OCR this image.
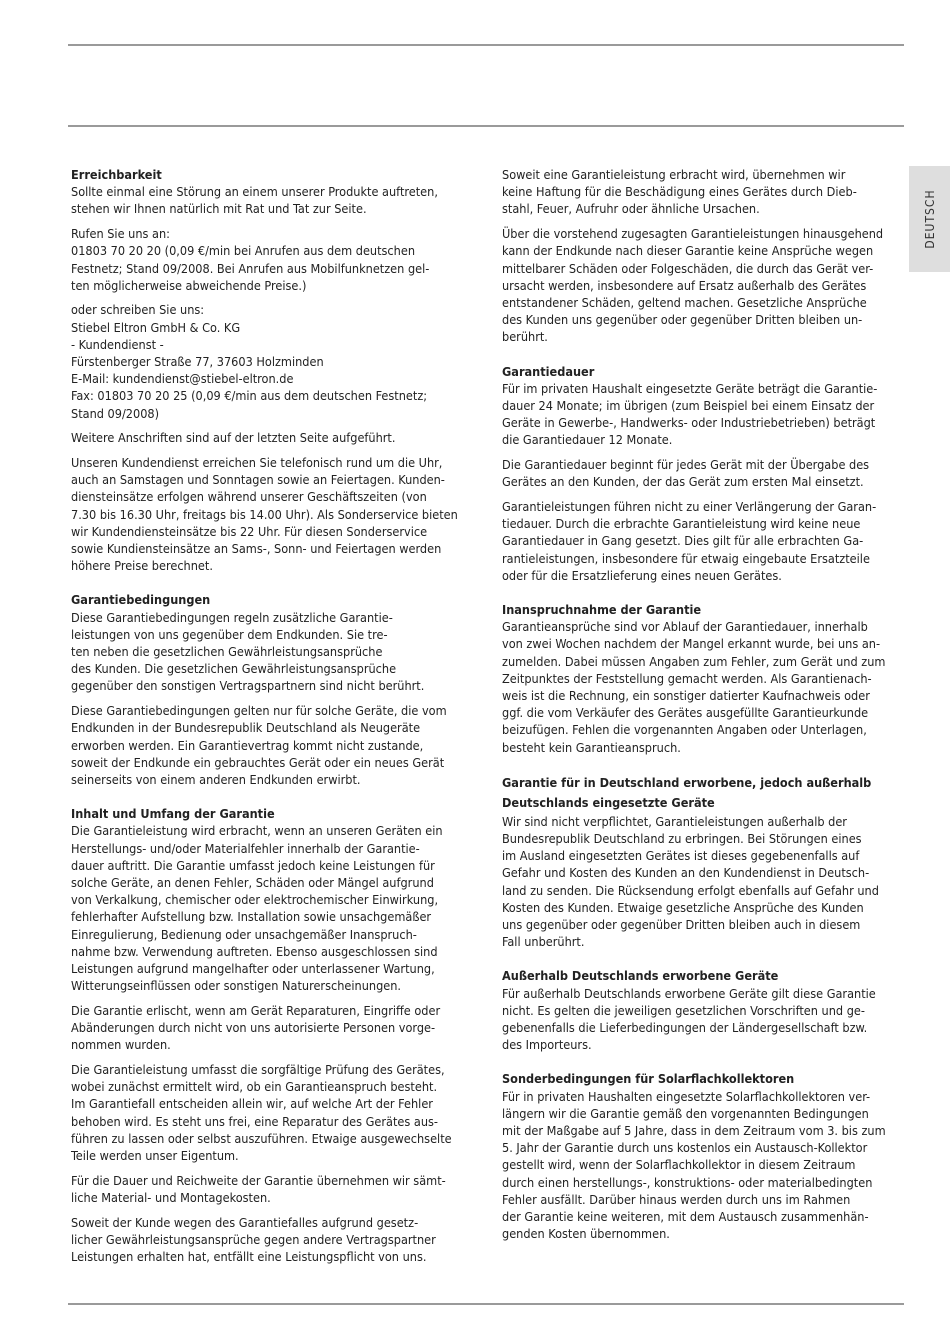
DEUTSCH
Erreichbarkeit

Sollte einmal eine Störung an einem unserer Produkte auftreten,
stehen wir Ihnen natürlich mit Rat und Tat zur Seite.

Rufen Sie uns an:
01803 70 20 20 (0,09 €/min bei Anrufen aus dem deutschen
Festnetz; Stand 09/2008. Bei Anrufen aus Mobilfunknetzen gel-
ten möglicherweise abweichende Preise.)

oder schreiben Sie uns:
Stiebel Eltron GmbH & Co. KG
- Kundendienst -
Fürstenberger Straße 77, 37603 Holzminden
E-Mail: kundendienst@stiebel-eltron.de
Fax: 01803 70 20 25 (0,09 €/min aus dem deutschen Festnetz;
Stand 09/2008)

Weitere Anschriften sind auf der letzten Seite aufgeführt.

Unseren Kundendienst erreichen Sie telefonisch rund um die Uhr,
auch an Samstagen und Sonntagen sowie an Feiertagen. Kunden-
diensteinsätze erfolgen während unserer Geschäftszeiten (von
7.30 bis 16.30 Uhr, freitags bis 14.00 Uhr). Als Sonderservice bieten
wir Kundendiensteinsätze bis 22 Uhr. Für diesen Sonderservice
sowie Kundiensteinsätze an Sams-, Sonn- und Feiertagen werden
höhere Preise berechnet.

Garantiebedingungen

Diese Garantiebedingungen regeln zusätzliche Garantie-
leistungen von uns gegenüber dem Endkunden. Sie tre-
ten neben die gesetzlichen Gewährleistungsansprüche
des Kunden. Die gesetzlichen Gewährleistungsansprüche
gegenüber den sonstigen Vertragspartnern sind nicht berührt.

Diese Garantiebedingungen gelten nur für solche Geräte, die vom
Endkunden in der Bundesrepublik Deutschland als Neugeräte
erworben werden. Ein Garantievertrag kommt nicht zustande,
soweit der Endkunde ein gebrauchtes Gerät oder ein neues Gerät
seinerseits von einem anderen Endkunden erwirbt.

Inhalt und Umfang der Garantie

Die Garantieleistung wird erbracht, wenn an unseren Geräten ein
Herstellungs- und/oder Materialfehler innerhalb der Garantie-
dauer auftritt. Die Garantie umfasst jedoch keine Leistungen für
solche Geräte, an denen Fehler, Schäden oder Mängel aufgrund
von Verkalkung, chemischer oder elektrochemischer Einwirkung,
fehlerhafter Aufstellung bzw. Installation sowie unsachgemäßer
Einregulierung, Bedienung oder unsachgemäßer Inanspruch-
nahme bzw. Verwendung auftreten. Ebenso ausgeschlossen sind
Leistungen aufgrund mangelhafter oder unterlassener Wartung,
Witterungseinflüssen oder sonstigen Naturerscheinungen.

Die Garantie erlischt, wenn am Gerät Reparaturen, Eingriffe oder
Abänderungen durch nicht von uns autorisierte Personen vorge-
nommen wurden.

Die Garantieleistung umfasst die sorgfältige Prüfung des Gerätes,
wobei zunächst ermittelt wird, ob ein Garantieanspruch besteht.
Im Garantiefall entscheiden allein wir, auf welche Art der Fehler
behoben wird. Es steht uns frei, eine Reparatur des Gerätes aus-
führen zu lassen oder selbst auszuführen. Etwaige ausgewechselte
Teile werden unser Eigentum.

Für die Dauer und Reichweite der Garantie übernehmen wir sämt-
liche Material- und Montagekosten.

Soweit der Kunde wegen des Garantiefalles aufgrund gesetz-
licher Gewährleistungsansprüche gegen andere Vertragspartner
Leistungen erhalten hat, entfällt eine Leistungspflicht von uns.

Soweit eine Garantieleistung erbracht wird, übernehmen wir
keine Haftung für die Beschädigung eines Gerätes durch Dieb-
stahl, Feuer, Aufruhr oder ähnliche Ursachen.

Über die vorstehend zugesagten Garantieleistungen hinausgehend
kann der Endkunde nach dieser Garantie keine Ansprüche wegen
mittelbarer Schäden oder Folgeschäden, die durch das Gerät ver-
ursacht werden, insbesondere auf Ersatz außerhalb des Gerätes
entstandener Schäden, geltend machen. Gesetzliche Ansprüche
des Kunden uns gegenüber oder gegenüber Dritten bleiben un-
berührt.

Garantiedauer

Für im privaten Haushalt eingesetzte Geräte beträgt die Garantie-
dauer 24 Monate; im übrigen (zum Beispiel bei einem Einsatz der
Geräte in Gewerbe-, Handwerks- oder Industriebetrieben) beträgt
die Garantiedauer 12 Monate.

Die Garantiedauer beginnt für jedes Gerät mit der Übergabe des
Gerätes an den Kunden, der das Gerät zum ersten Mal einsetzt.

Garantieleistungen führen nicht zu einer Verlängerung der Garan-
tiedauer. Durch die erbrachte Garantieleistung wird keine neue
Garantiedauer in Gang gesetzt. Dies gilt für alle erbrachten Ga-
rantieleistungen, insbesondere für etwaig eingebaute Ersatzteile
oder für die Ersatzlieferung eines neuen Gerätes.

Inanspruchnahme der Garantie

Garantieansprüche sind vor Ablauf der Garantiedauer, innerhalb
von zwei Wochen nachdem der Mangel erkannt wurde, bei uns an-
zumelden. Dabei müssen Angaben zum Fehler, zum Gerät und zum
Zeitpunktes der Feststellung gemacht werden. Als Garantienach-
weis ist die Rechnung, ein sonstiger datierter Kaufnachweis oder
ggf. die vom Verkäufer des Gerätes ausgefüllte Garantieurkunde
beizufügen. Fehlen die vorgenannten Angaben oder Unterlagen,
besteht kein Garantieanspruch.

Garantie für in Deutschland erworbene, jedoch außerhalb
Deutschlands eingesetzte Geräte

Wir sind nicht verpflichtet, Garantieleistungen außerhalb der
Bundesrepublik Deutschland zu erbringen. Bei Störungen eines
im Ausland eingesetzten Gerätes ist dieses gegebenenfalls auf
Gefahr und Kosten des Kunden an den Kundendienst in Deutsch-
land zu senden. Die Rücksendung erfolgt ebenfalls auf Gefahr und
Kosten des Kunden. Etwaige gesetzliche Ansprüche des Kunden
uns gegenüber oder gegenüber Dritten bleiben auch in diesem
Fall unberührt.

Außerhalb Deutschlands erworbene Geräte

Für außerhalb Deutschlands erworbene Geräte gilt diese Garantie
nicht. Es gelten die jeweiligen gesetzlichen Vorschriften und ge-
gebenenfalls die Lieferbedingungen der Ländergesellschaft bzw.
des Importeurs.

Sonderbedingungen für Solarflachkollektoren

Für in privaten Haushalten eingesetzte Solarflachkollektoren ver-
längern wir die Garantie gemäß den vorgenannten Bedingungen
mit der Maßgabe auf 5 Jahre, dass in dem Zeitraum vom 3. bis zum
5. Jahr der Garantie durch uns kostenlos ein Austausch-Kollektor
gestellt wird, wenn der Solarflachkollektor in diesem Zeitraum
durch einen herstellungs-, konstruktions- oder materialbedingten
Fehler ausfällt. Darüber hinaus werden durch uns im Rahmen
der Garantie keine weiteren, mit dem Austausch zusammenhän-
genden Kosten übernommen.
